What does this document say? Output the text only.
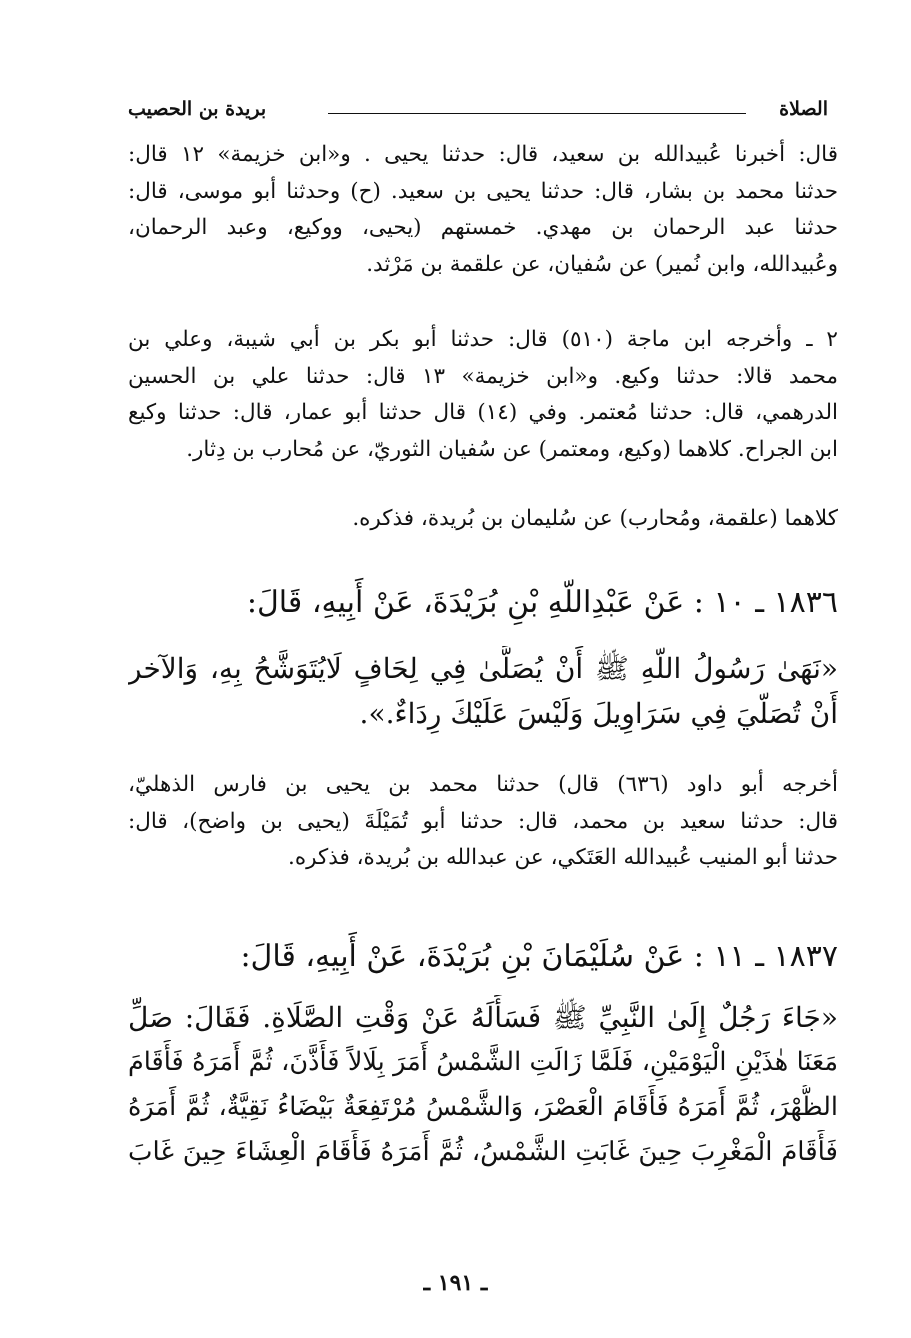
الصلاة
بريدة بن الحصيب
قال: أخبرنا عُبيدالله بن سعيد، قال: حدثنا يحيى . و«ابن خزيمة» ١٢ قال:
حدثنا محمد بن بشار، قال: حدثنا يحيى بن سعيد. (ح) وحدثنا أبو موسى، قال:
حدثنا عبد الرحمان بن مهدي. خمستهم (يحيى، ووكيع، وعبد الرحمان،
وعُبيدالله، وابن نُمير) عن سُفيان، عن علقمة بن مَرْثد.
٢ ـ وأخرجه ابن ماجة (٥١٠) قال: حدثنا أبو بكر بن أبي شيبة، وعلي بن
محمد قالا: حدثنا وكيع. و«ابن خزيمة» ١٣ قال: حدثنا علي بن الحسين
الدرهمي، قال: حدثنا مُعتمر. وفي (١٤) قال حدثنا أبو عمار، قال: حدثنا وكيع
ابن الجراح. كلاهما (وكيع، ومعتمر) عن سُفيان الثوريّ، عن مُحارب بن دِثار.
كلاهما (علقمة، ومُحارب) عن سُليمان بن بُريدة، فذكره.
١٨٣٦ ـ ١٠ : عَنْ عَبْدِاللّهِ بْنِ بُرَيْدَةَ، عَنْ أَبِيهِ، قَالَ:
«نَهَىٰ رَسُولُ اللّهِ ﷺ أَنْ يُصَلَّىٰ فِي لِحَافٍ لَايُتَوَشَّحُ بِهِ، وَالآخر
أَنْ تُصَلّيَ فِي سَرَاوِيلَ وَلَيْسَ عَلَيْكَ رِدَاءٌ.».
أخرجه أبو داود (٦٣٦) قال) حدثنا محمد بن يحيى بن فارس الذهليّ،
قال: حدثنا سعيد بن محمد، قال: حدثنا أبو تُمَيْلَةَ (يحيى بن واضح)، قال:
حدثنا أبو المنيب عُبيدالله العَتَكي، عن عبدالله بن بُريدة، فذكره.
١٨٣٧ ـ ١١ : عَنْ سُلَيْمَانَ بْنِ بُرَيْدَةَ، عَنْ أَبِيهِ، قَالَ:
«جَاءَ رَجُلٌ إِلَىٰ النَّبِيِّ ﷺ فَسَأَلَهُ عَنْ وَقْتِ الصَّلَاةِ. فَقَالَ: صَلِّ
مَعَنَا هٰذَيْنِ الْيَوْمَيْنِ، فَلَمَّا زَالَتِ الشَّمْسُ أَمَرَ بِلَالاً فَأَذَّنَ، ثُمَّ أَمَرَهُ فَأَقَامَ
الظُّهْرَ، ثُمَّ أَمَرَهُ فَأَقَامَ الْعَصْرَ، وَالشَّمْسُ مُرْتَفِعَةٌ بَيْضَاءُ نَقِيَّةٌ، ثُمَّ أَمَرَهُ
فَأَقَامَ الْمَغْرِبَ حِينَ غَابَتِ الشَّمْسُ، ثُمَّ أَمَرَهُ فَأَقَامَ الْعِشَاءَ حِينَ غَابَ
ـ ١٩١ ـ
